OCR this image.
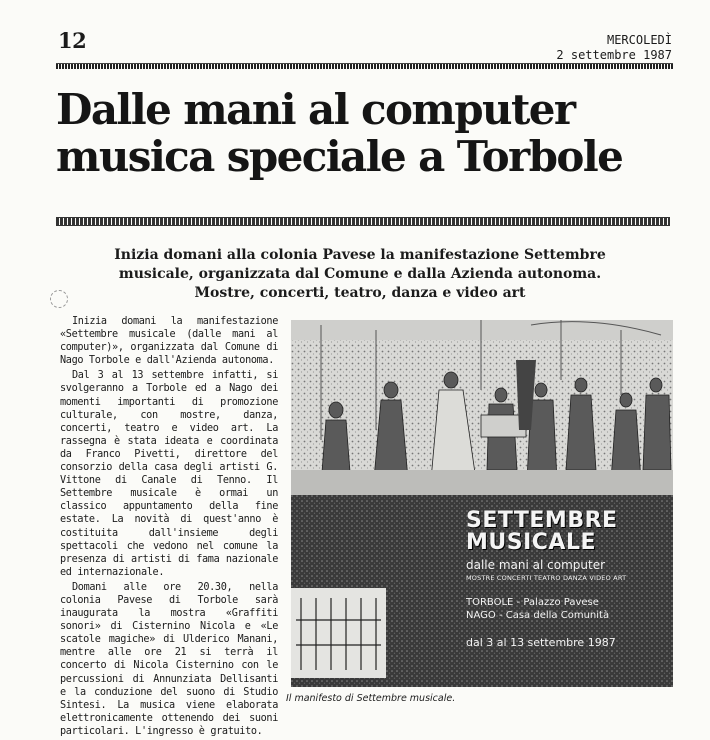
12	MERCOLEDÌ
2 settembre 1987
Dalle mani al computer
musica speciale a Torbole

Inizia domani alla colonia Pavese la manifestazione Settembre musicale, organizzata dal Comune e dalla Azienda autonoma. Mostre, concerti, teatro, danza e video art

Inizia domani la manifestazione «Settembre musicale (dalle mani al computer)», organizzata dal Comune di Nago Torbole e dall'Azienda autonoma.

Dal 3 al 13 settembre infatti, si svolgeranno a Torbole ed a Nago dei momenti importanti di promozione culturale, con mostre, danza, concerti, teatro e video art. La rassegna è stata ideata e coordinata da Franco Pivetti, direttore del consorzio della casa degli artisti G. Vittone di Canale di Tenno. Il Settembre musicale è ormai un classico appuntamento della fine estate. La novità di quest'anno è costituita dall'insieme degli spettacoli che vedono nel comune la presenza di artisti di fama nazionale ed internazionale.

Domani alle ore 20.30, nella colonia Pavese di Torbole sarà inaugurata la mostra «Graffiti sonori» di Cisternino Nicola e «Le scatole magiche» di Ulderico Manani, mentre alle ore 21 si terrà il concerto di Nicola Cisternino con le percussioni di Annunziata Dellisanti e la conduzione del suono di Studio Sintesi. La musica viene elaborata elettronicamente ottenendo dei suoni particolari. L'ingresso è gratuito.

SETTEMBRE
MUSICALE
dalle mani al computer
MOSTRE CONCERTI TEATRO DANZA VIDEO ART
TORBOLE - Palazzo Pavese
NAGO - Casa della Comunità
dal 3 al 13 settembre 1987
Il manifesto di Settembre musicale.
